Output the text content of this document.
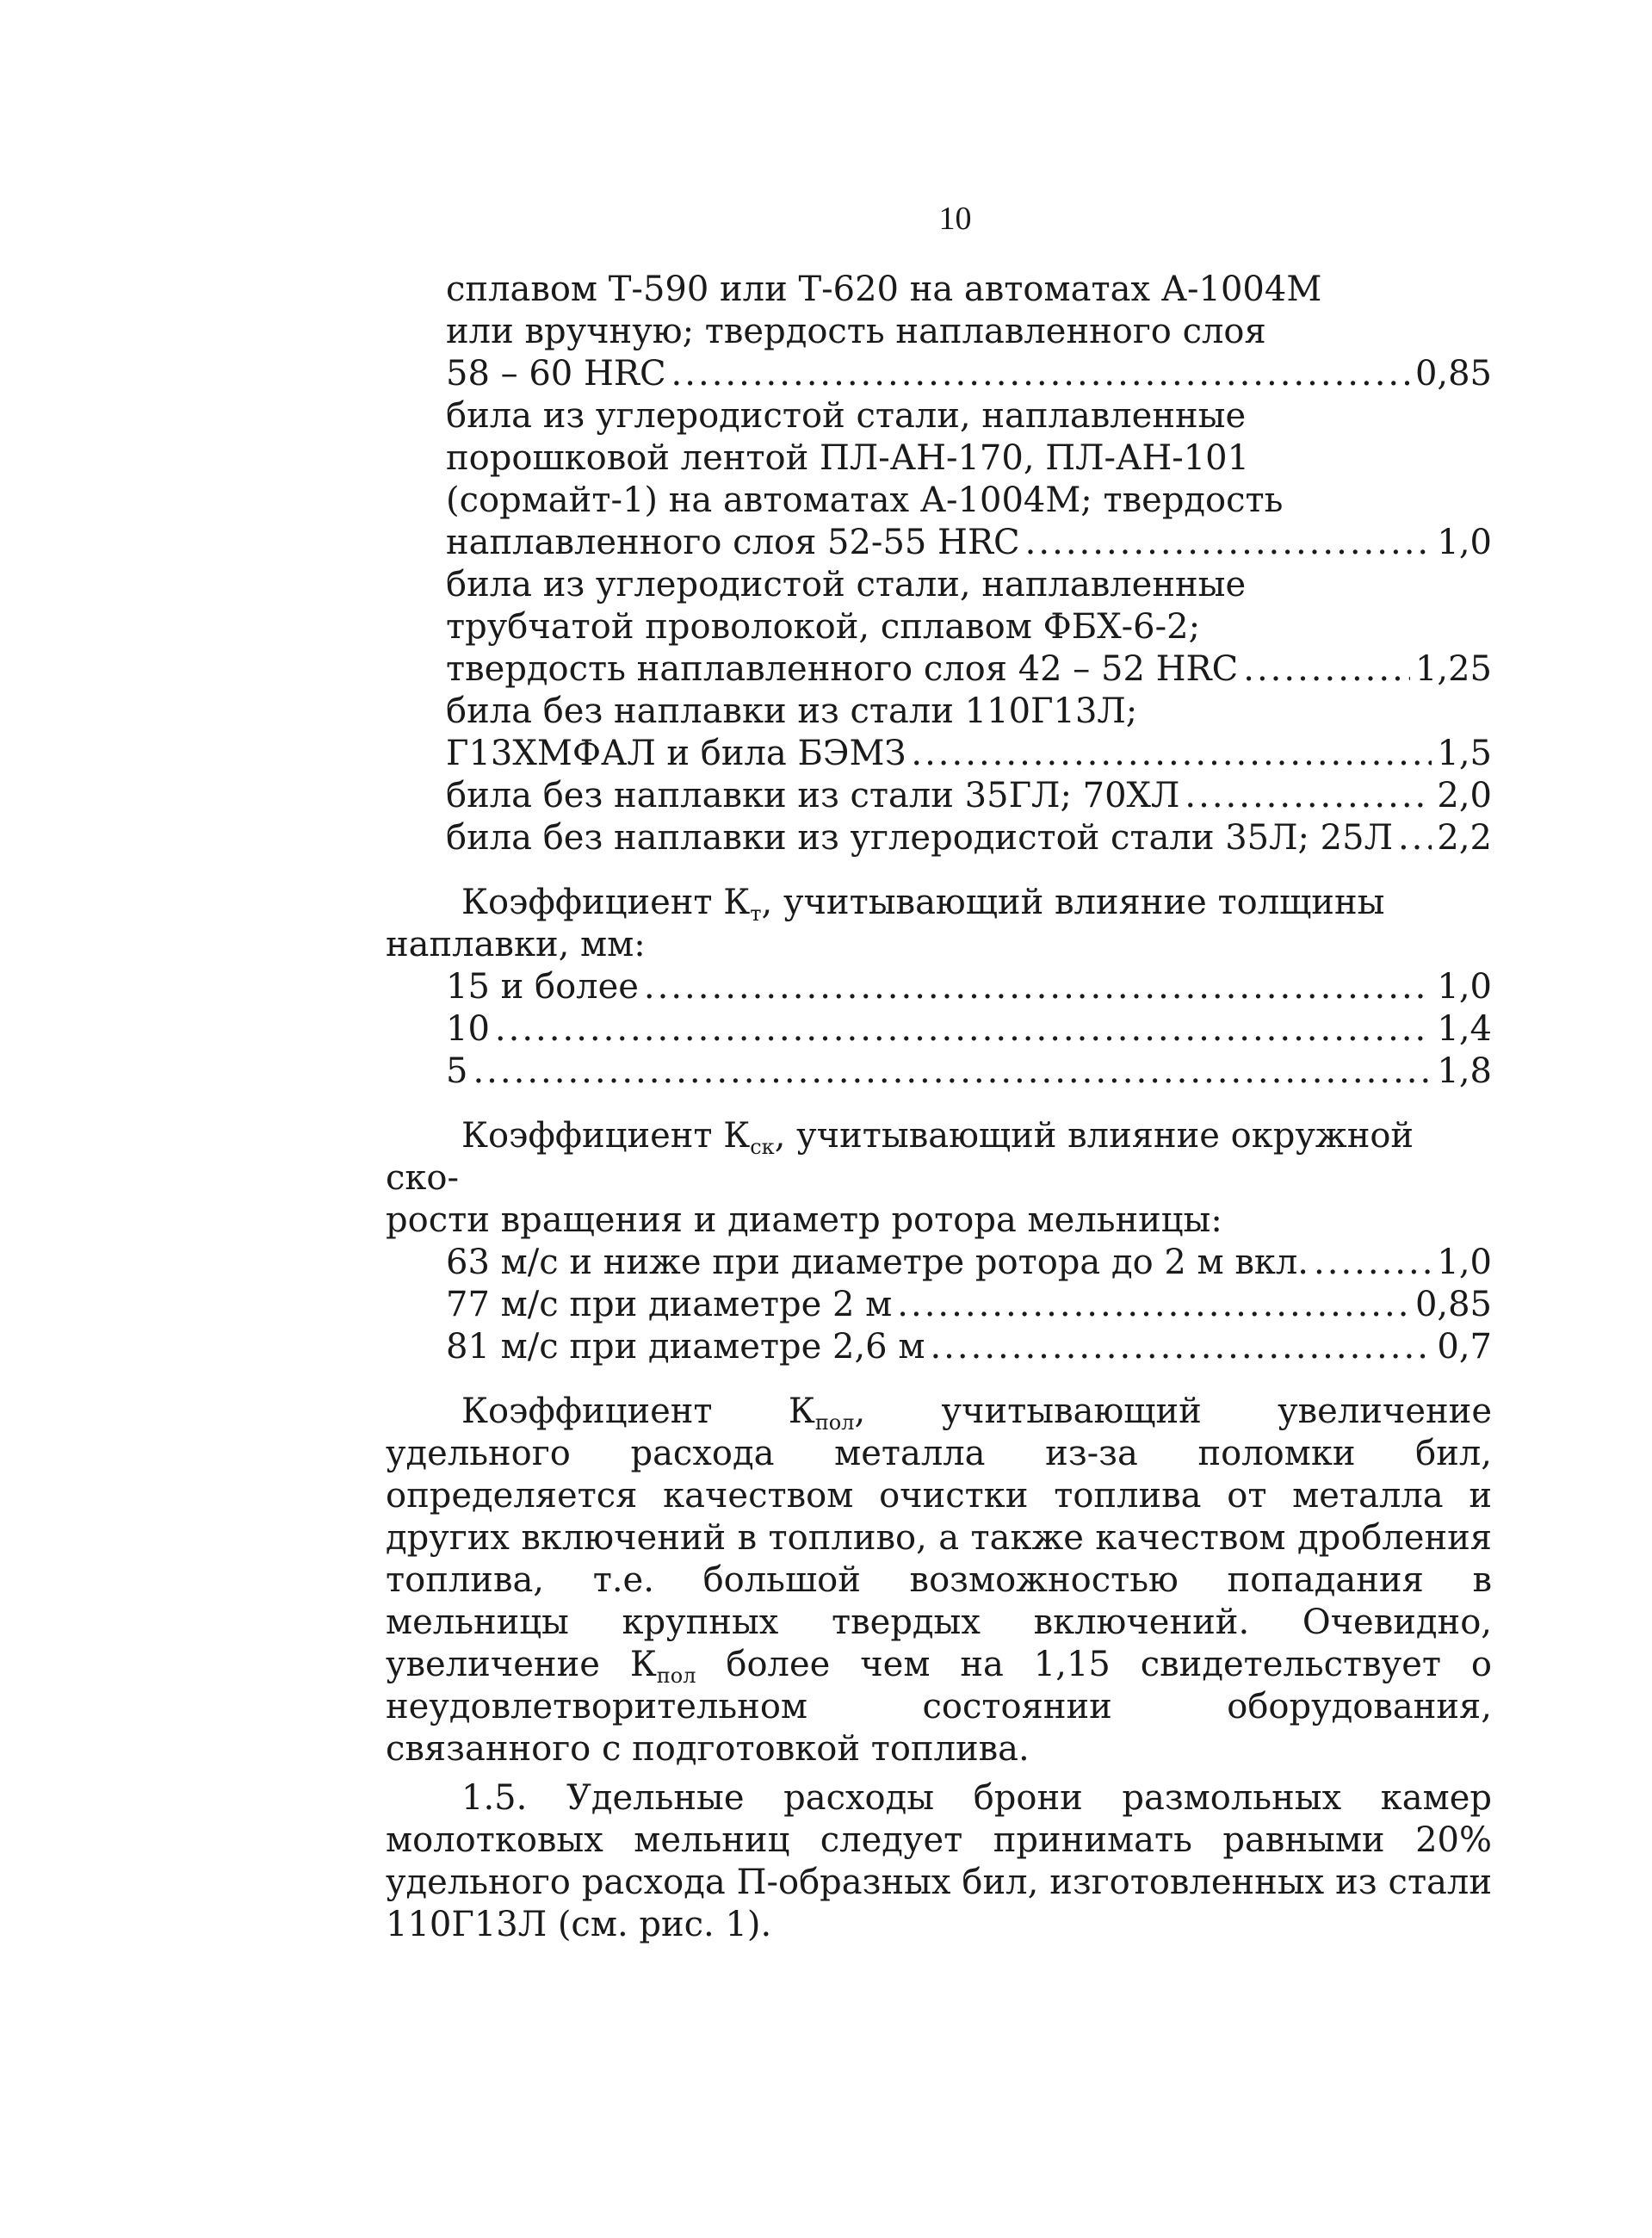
10
сплавом Т-590 или Т-620 на автоматах А-1004М
или вручную; твердость наплавленного слоя
58 – 60 HRC .....	0,85
била из углеродистой стали, наплавленные
порошковой лентой ПЛ-АН-170, ПЛ-АН-101
(сормайт-1) на автоматах А-1004М; твердость
наплавленного слоя 52-55 HRC .....	1,0
била из углеродистой стали, наплавленные
трубчатой проволокой, сплавом ФБХ-6-2;
твердость наплавленного слоя 42 – 52 HRC .....	1,25
била без наплавки из стали 110Г13Л;
Г13ХМФАЛ и била БЭМЗ .....	1,5
била без наплавки из стали 35ГЛ; 70ХЛ .....	2,0
била без наплавки из углеродистой стали 35Л; 25Л ..... 2,2
Коэффициент $К_т$, учитывающий влияние толщины
наплавки, мм:
15 и более .....	1,0
10 .....	1,4
5 .....	1,8
Коэффициент $К_{ск}$, учитывающий влияние окружной ско-
рости вращения и диаметр ротора мельницы:
63 м/с и ниже при диаметре ротора до 2 м вкл. .....	1,0
77 м/с при диаметре 2 м .....	0,85
81 м/с при диаметре 2,6 м .....	0,7
Коэффициент $К_{пол}$, учитывающий увеличение удельного расхода металла из-за поломки бил, определяется качеством очистки топлива от металла и других включений в топливо, а также качеством дробления топлива, т.е. большой возможностью попадания в мельницы крупных твердых включений. Очевидно, увеличение $К_{пол}$ более чем на 1,15 свидетельствует о неудовлетворительном состоянии оборудования, связанного с подготовкой топлива.
1.5. Удельные расходы брони размольных камер молотковых мельниц следует принимать равными 20% удельного расхода П-образных бил, изготовленных из стали 110Г13Л (см. рис. 1).
